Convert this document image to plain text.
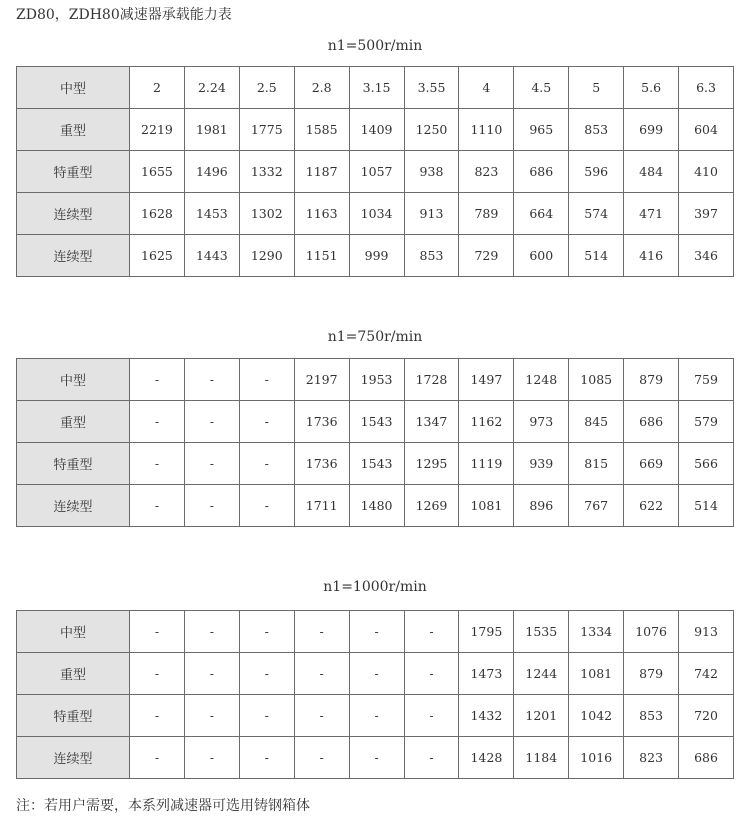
ZD80，ZDH80减速器承载能力表
n1=500r/min
中型	2	2.24	2.5	2.8	3.15	3.55	4	4.5	5	5.6	6.3
重型	2219	1981	1775	1585	1409	1250	1110	965	853	699	604
特重型	1655	1496	1332	1187	1057	938	823	686	596	484	410
连续型	1628	1453	1302	1163	1034	913	789	664	574	471	397
连续型	1625	1443	1290	1151	999	853	729	600	514	416	346
n1=750r/min
中型	-	-	-	2197	1953	1728	1497	1248	1085	879	759
重型	-	-	-	1736	1543	1347	1162	973	845	686	579
特重型	-	-	-	1736	1543	1295	1119	939	815	669	566
连续型	-	-	-	1711	1480	1269	1081	896	767	622	514
n1=1000r/min
中型	-	-	-	-	-	-	1795	1535	1334	1076	913
重型	-	-	-	-	-	-	1473	1244	1081	879	742
特重型	-	-	-	-	-	-	1432	1201	1042	853	720
连续型	-	-	-	-	-	-	1428	1184	1016	823	686
注：若用户需要，本系列减速器可选用铸钢箱体
